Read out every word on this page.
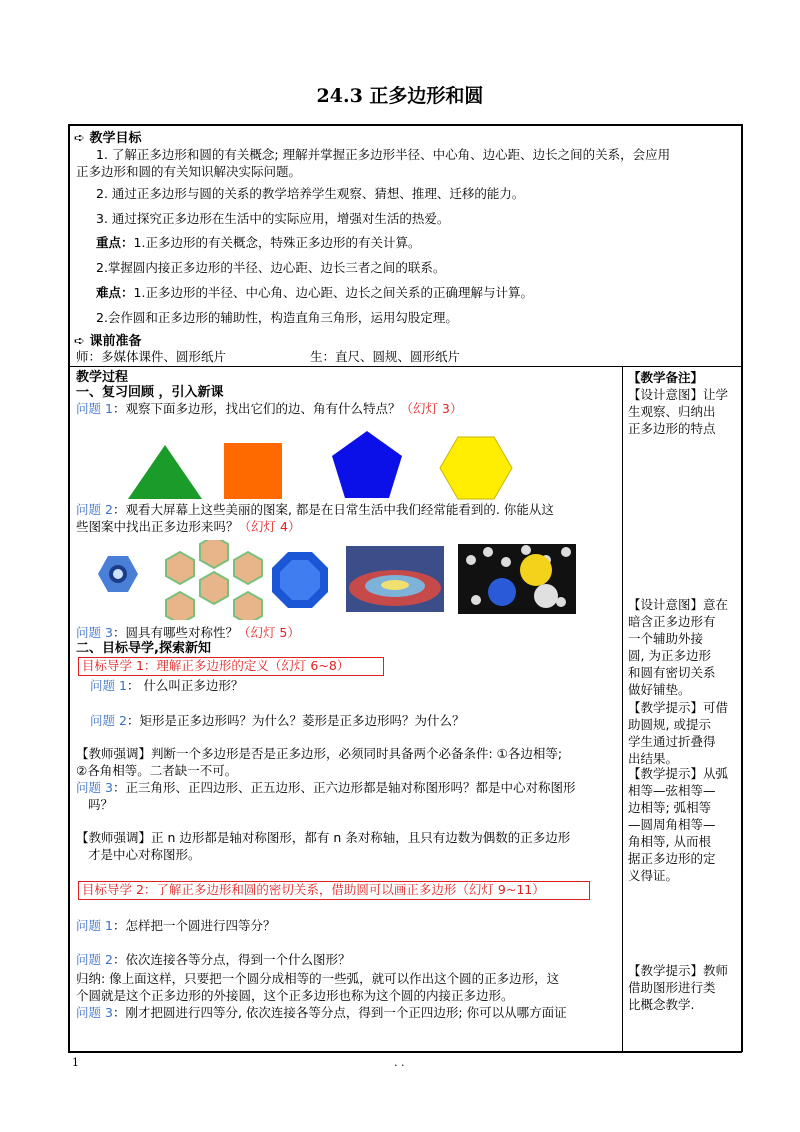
24.3 正多边形和圆
➪ 教学目标
1. 了解正多边形和圆的有关概念; 理解并掌握正多边形半径、中心角、边心距、边长之间的关系，会应用
正多边形和圆的有关知识解决实际问题。
2. 通过正多边形与圆的关系的教学培养学生观察、猜想、推理、迁移的能力。
3. 通过探究正多边形在生活中的实际应用，增强对生活的热爱。
重点：1.正多边形的有关概念，特殊正多边形的有关计算。
2.掌握圆内接正多边形的半径、边心距、边长三者之间的联系。
难点：1.正多边形的半径、中心角、边心距、边长之间关系的正确理解与计算。
2.会作圆和正多边形的辅助性，构造直角三角形，运用勾股定理。
➪ 课前准备
师：多媒体课件、圆形纸片	生：直尺、圆规、圆形纸片
教学过程
一、复习回顾 ，引入新课
问题 1：观察下面多边形，找出它们的边、角有什么特点？（幻灯 3）
问题 2：观看大屏幕上这些美丽的图案, 都是在日常生活中我们经常能看到的. 你能从这
些图案中找出正多边形来吗？（幻灯 4）
问题 3：圆具有哪些对称性？（幻灯 5）
二、目标导学,探索新知
目标导学 1：理解正多边形的定义（幻灯 6~8）
问题 1： 什么叫正多边形？
问题 2：矩形是正多边形吗？为什么？菱形是正多边形吗？为什么？
【教师强调】判断一个多边形是否是正多边形，必须同时具备两个必备条件: ①各边相等;
②各角相等。二者缺一不可。
问题 3：正三角形、正四边形、正五边形、正六边形都是轴对称图形吗？都是中心对称图形
吗？
【教师强调】正 n 边形都是轴对称图形，都有 n 条对称轴，且只有边数为偶数的正多边形
才是中心对称图形。
目标导学 2：了解正多边形和圆的密切关系，借助圆可以画正多边形（幻灯 9~11）
问题 1：怎样把一个圆进行四等分？
问题 2：依次连接各等分点，得到一个什么图形？
归纳: 像上面这样，只要把一个圆分成相等的一些弧，就可以作出这个圆的正多边形，这
个圆就是这个正多边形的外接圆，这个正多边形也称为这个圆的内接正多边形。
问题 3：刚才把圆进行四等分, 依次连接各等分点，得到一个正四边形; 你可以从哪方面证
【教学备注】
【设计意图】让学
生观察、归纳出
正多边形的特点
【设计意图】意在
暗含正多边形有
一个辅助外接
圆, 为正多边形
和圆有密切关系
做好铺垫。
【教学提示】可借
助圆规, 或提示
学生通过折叠得
出结果。
【教学提示】从弧
相等—弦相等—
边相等; 弧相等
—圆周角相等—
角相等, 从而根
据正多边形的定
义得证。
【教学提示】教师
借助图形进行类
比概念教学.
1	. .
